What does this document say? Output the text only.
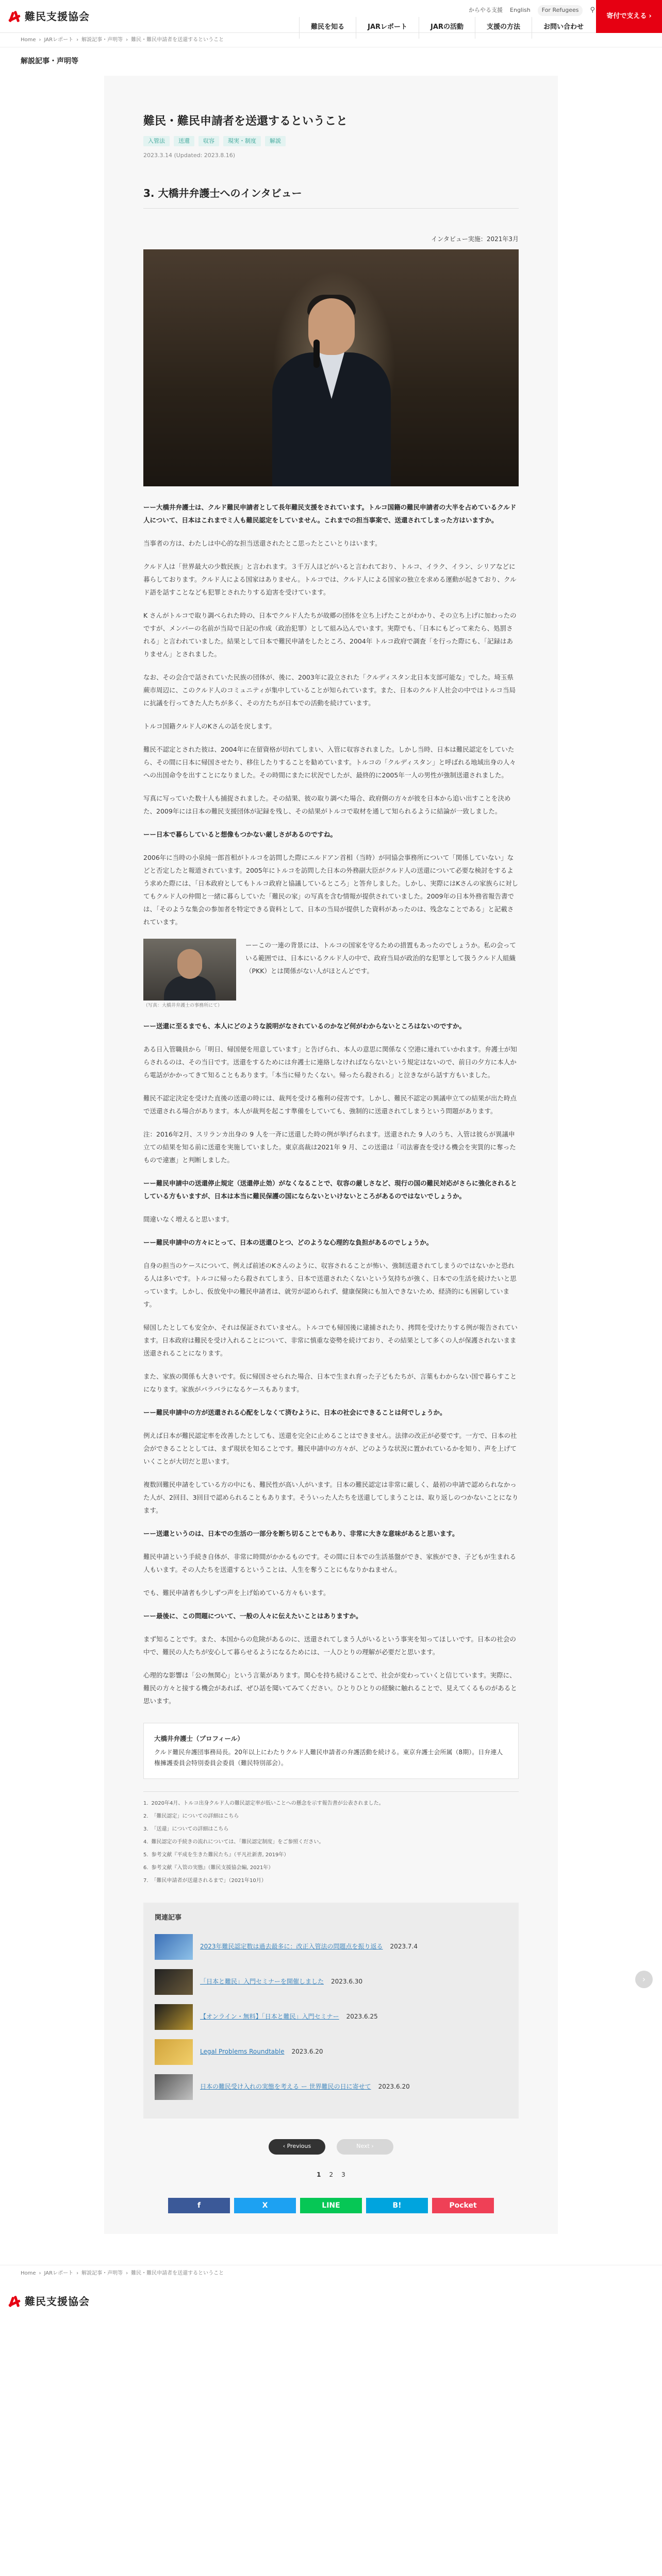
難民支援協会
からやる支援 English	For Refugees	⚲
難民を知る	JARレポート	JARの活動	支援の方法	お問い合わせ
寄付で支える ›
Home › JARレポート › 解説記事・声明等 › 難民・難民申請者を送還するということ
解説記事・声明等
難民・難民申請者を送還するということ
入管法	送還	収容	現実・制度	解説
2023.3.14 (Updated: 2023.8.16)
3. 大橋井弁護士へのインタビュー
インタビュー実施：2021年3月

ーー大橋井弁護士は、クルド難民申請者として長年難民支援をされています。トルコ国籍の難民申請者の大半を占めているクルド人について、日本はこれまでミ人も難民認定をしていません。これまでの担当事案で、送還されてしまった方はいますか。

当事者の方は、わたしは中心的な担当送還されたとこ思ったとこいとりはいます。

クルド人は「世界最大の少数民族」と言われます。３千万人ほどがいると言われており、トルコ、イラク、イラン、シリアなどに暮らしております。クルド人による国家はありません。トルコでは、クルド人による国家の独立を求める運動が起きており、クルド語を話すことなども犯罪とされたりする迫害を受けています。

K さんがトルコで取り調べられた時の、日本でクルド人たちが故郷の団体を立ち上げたことがわかり、その立ち上げに加わったのですが、メンバーの名前が当局で日記の作成（政治犯罪）として組み込んでいます。実際でも、「日本にもどって来たら、処罰される」と言われていました。結果として日本で難民申請をしたところ、2004年 トルコ政府で調査「を行った際にも、「記録はありません」とされました。

なお、その会合で話されていた民族の団体が、後に、2003年に設立された「クルディスタン北日本支部可能な」でした。埼玉県蕨市周辺に、このクルド人のコミュニティが集中していることが知られています。また、日本のクルド人社会の中ではトルコ当局に抗議を行ってきた人たちが多く、その方たちが日本での活動を続けています。

トルコ国籍クルド人のKさんの話を戻します。

難民不認定とされた彼は、2004年に在留資格が切れてしまい、入管に収容されました。しかし当時、日本は難民認定をしていたら、その間に日本に帰国させたり、移住したりすることを勧めています。トルコの「クルディスタン」と呼ばれる地域出身の人々への出国命令を出すことになりました。その時間にまたに状況でしたが、最終的に2005年一人の男性が強制送還されました。

写真に写っていた数十人も捕捉されました。その結果、彼の取り調べた場合、政府側の方々が彼を日本から追い出すことを決めた、2009年には日本の難民支援団体が記録を残し、その結果がトルコで取材を通して知られるように結論が一致しました。

ーー日本で暮らしていると想像もつかない厳しさがあるのですね。

2006年に当時の小泉純一郎首相がトルコを訪問した際にエルドアン首相（当時）が同協会事務所について「関係していない」などと否定したと報道されています。2005年にトルコを訪問した日本の外務副大臣がクルド人の送還について必要な検討をするよう求めた際には、「日本政府としてもトルコ政府と協議しているところ」と答弁しました。しかし、実際にはKさんの家族らに対してもクルド人の仲間と一緒に暮らしていた「難民の家」の写真を含む情報が提供されていました。2009年の日本外務省報告書では、「そのような集会の参加者を特定できる資料として、日本の当局が提供した資料があったのは、残念なことである」と記載されています。

（写真：大橋井弁護士の事務所にて）

ーーこの一連の背景には、トルコの国家を守るための措置もあったのでしょうか。私の会っている範囲では、日本にいるクルド人の中で、政府当局が政治的な犯罪として扱うクルド人組織（PKK）とは関係がない人がほとんどです。

ーー送還に至るまでも、本人にどのような説明がなされているのかなど何がわからないところはないのですか。

ある日入管職員から「明日、帰国便を用意しています」と告げられ、本人の意思に関係なく空港に連れていかれます。弁護士が知らされるのは、その当日です。送還をするためには弁護士に連絡しなければならないという規定はないので、前日の夕方に本人から電話がかかってきて知ることもあります。「本当に帰りたくない。帰ったら殺される」と泣きながら話す方もいました。

難民不認定決定を受けた直後の送還の時には、裁判を受ける権利の侵害です。しかし、難民不認定の異議申立ての結果が出た時点で送還される場合があります。本人が裁判を起こす準備をしていても、強制的に送還されてしまうという問題があります。

注：2016年2月、スリランカ出身の 9 人を一斉に送還した時の例が挙げられます。送還された 9 人のうち、入管は彼らが異議申立ての結果を知る前に送還を実施していました。東京高裁は2021年 9 月、この送還は「司法審査を受ける機会を実質的に奪ったもので違憲」と判断しました。

ーー難民申請中の送還停止規定（送還停止効）がなくなることで、収容の厳しさなど、現行の国の難民対応がさらに強化されるとしている方もいますが、日本は本当に難民保護の国にならないといけないところがあるのではないでしょうか。

間違いなく増えると思います。

ーー難民申請中の方々にとって、日本の送還ひとつ、どのような心理的な負担があるのでしょうか。

自身の担当のケースについて、例えば前述のKさんのように、収容されることが怖い、強制送還されてしまうのではないかと恐れる人は多いです。トルコに帰ったら殺されてしまう、日本で送還されたくないという気持ちが強く、日本での生活を続けたいと思っています。しかし、仮放免中の難民申請者は、就労が認められず、健康保険にも加入できないため、経済的にも困窮しています。

帰国したとしても安全か、それは保証されていません。トルコでも帰国後に逮捕されたり、拷問を受けたりする例が報告されています。日本政府は難民を受け入れることについて、非常に慎重な姿勢を続けており、その結果として多くの人が保護されないまま送還されることになります。

また、家族の関係も大きいです。仮に帰国させられた場合、日本で生まれ育った子どもたちが、言葉もわからない国で暮らすことになります。家族がバラバラになるケースもあります。

ーー難民申請中の方が送還される心配をしなくて済むように、日本の社会にできることは何でしょうか。

例えば日本が難民認定率を改善したとしても、送還を完全に止めることはできません。法律の改正が必要です。一方で、日本の社会ができることとしては、まず現状を知ることです。難民申請中の方々が、どのような状況に置かれているかを知り、声を上げていくことが大切だと思います。

複数回難民申請をしている方の中にも、難民性が高い人がいます。日本の難民認定は非常に厳しく、最初の申請で認められなかった人が、2回目、3回目で認められることもあります。そういった人たちを送還してしまうことは、取り返しのつかないことになります。

ーー送還というのは、日本での生活の一部分を断ち切ることでもあり、非常に大きな意味があると思います。

難民申請という手続き自体が、非常に時間がかかるものです。その間に日本での生活基盤ができ、家族ができ、子どもが生まれる人もいます。その人たちを送還するということは、人生を奪うことにもなりかねません。

でも、難民申請者も少しずつ声を上げ始めている方々もいます。

ーー最後に、この問題について、一般の人々に伝えたいことはありますか。

まず知ることです。また、本国からの危険があるのに、送還されてしまう人がいるという事実を知ってほしいです。日本の社会の中で、難民の人たちが安心して暮らせるようになるためには、一人ひとりの理解が必要だと思います。

心理的な影響は「公の無関心」という言葉があります。関心を持ち続けることで、社会が変わっていくと信じています。実際に、難民の方々と接する機会があれば、ぜひ話を聞いてみてください。ひとりひとりの経験に触れることで、見えてくるものがあると思います。

大橋井弁護士（プロフィール）
クルド難民弁護団事務局長。20年以上にわたりクルド人難民申請者の弁護活動を続ける。東京弁護士会所属（8期）。日弁連人権擁護委員会特別委員会委員（難民特別部会）。
1. 2020年4月、トルコ出身クルド人の難民認定率が低いことへの懸念を示す報告書が公表されました。
2. 「難民認定」についての詳細はこちら
3. 「送還」についての詳細はこちら
4. 難民認定の手続きの流れについては、「難民認定制度」をご参照ください。
5. 参考文献『平成を生きた難民たち』（平凡社新書, 2019年）
6. 参考文献『入管の実態』（難民支援協会編, 2021年）
7. 「難民申請者が送還されるまで」（2021年10月）
関連記事
2023年難民認定数は過去最多に：改正入管法の問題点を振り返る 2023.7.4
「日本と難民」入門セミナーを開催しました 2023.6.30
【オンライン・無料】「日本と難民」入門セミナー 2023.6.25
Legal Problems Roundtable 2023.6.20
日本の難民受け入れの実態を考える ー 世界難民の日に寄せて 2023.6.20
‹ Previous	Next ›
1 2 3
f	X	LINE	B!	Pocket
›
Home › JARレポート › 解説記事・声明等 › 難民・難民申請者を送還するということ
難民支援協会
